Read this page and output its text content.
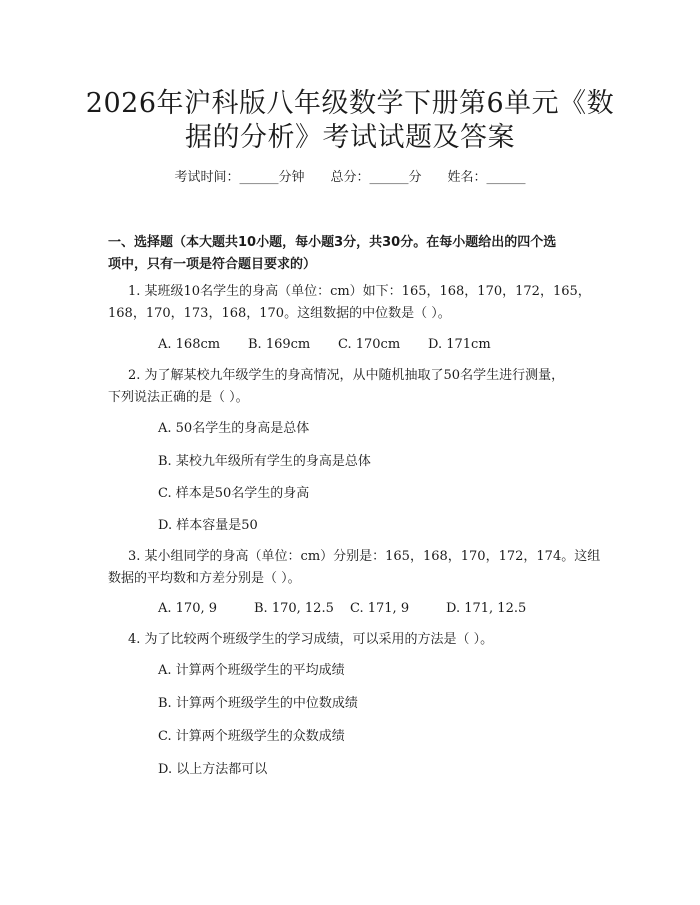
2026年沪科版八年级数学下册第6单元《数
据的分析》考试试题及答案
考试时间：______分钟 总分：______分 姓名：______
一、选择题（本大题共10小题，每小题3分，共30分。在每小题给出的四个选
项中，只有一项是符合题目要求的）
1. 某班级10名学生的身高（单位：cm）如下：165，168，170，172，165，
168，170，173，168，170。这组数据的中位数是（ ）。
A. 168cm B. 169cm C. 170cm D. 171cm
2. 为了解某校九年级学生的身高情况，从中随机抽取了50名学生进行测量，
下列说法正确的是（ ）。
A. 50名学生的身高是总体
B. 某校九年级所有学生的身高是总体
C. 样本是50名学生的身高
D. 样本容量是50
3. 某小组同学的身高（单位：cm）分别是：165，168，170，172，174。这组
数据的平均数和方差分别是（ ）。
A. 170, 9	B. 170, 12.5 C. 171, 9	D. 171, 12.5
4. 为了比较两个班级学生的学习成绩，可以采用的方法是（ ）。
A. 计算两个班级学生的平均成绩
B. 计算两个班级学生的中位数成绩
C. 计算两个班级学生的众数成绩
D. 以上方法都可以
